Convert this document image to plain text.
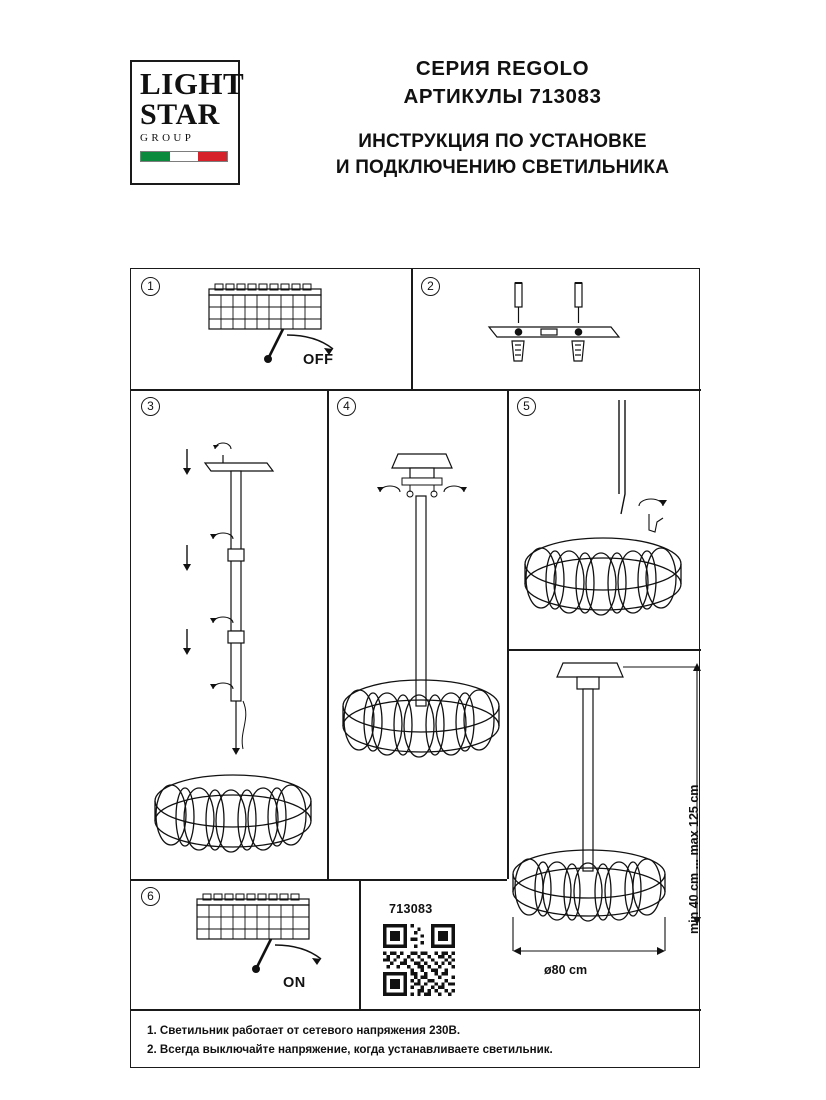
LIGHT
STAR
GROUP
СЕРИЯ REGOLO
АРТИКУЛЫ 713083
ИНСТРУКЦИЯ ПО УСТАНОВКЕ
И ПОДКЛЮЧЕНИЮ СВЕТИЛЬНИКА
1
OFF
2
3	4	5
min 40 cm ... max 125 cm
ø80 cm
6
ON
713083
1. Светильник работает от сетевого напряжения 230В.
2. Всегда выключайте напряжение, когда устанавливаете светильник.
